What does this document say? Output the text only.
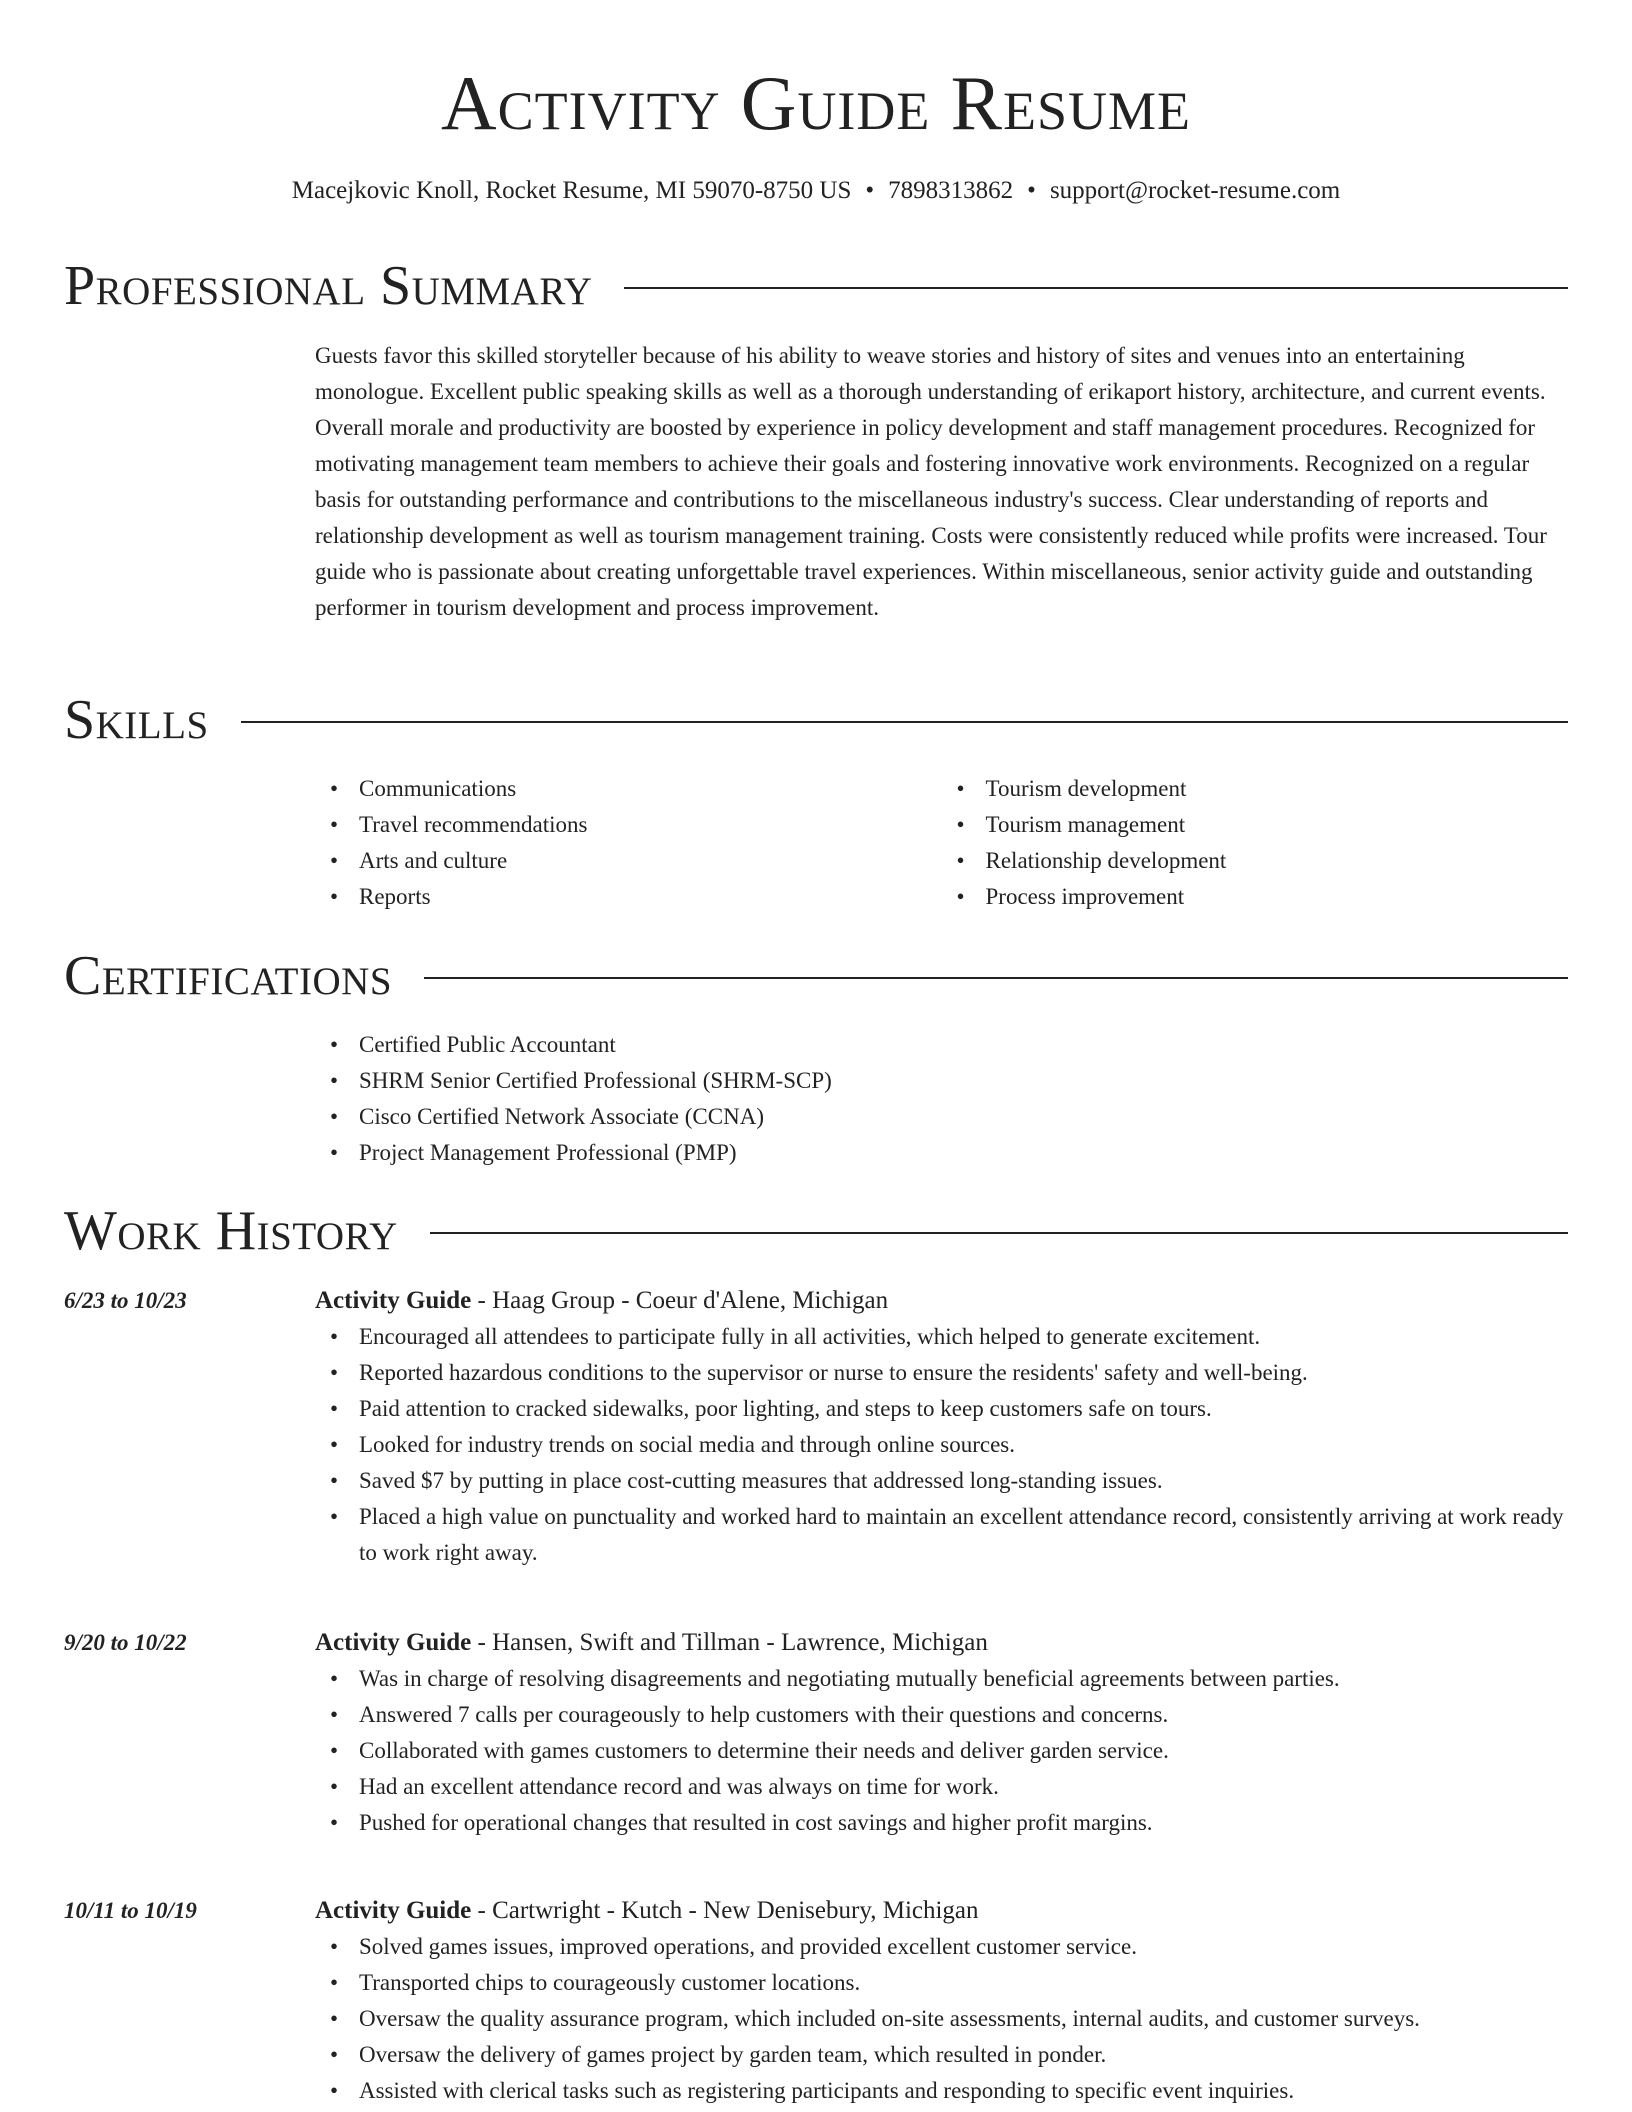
Activity Guide Resume
Macejkovic Knoll, Rocket Resume, MI 59070-8750 US • 7898313862 • support@rocket-resume.com
Professional Summary

Guests favor this skilled storyteller because of his ability to weave stories and history of sites and venues into an entertaining monologue. Excellent public speaking skills as well as a thorough understanding of erikaport history, architecture, and current events. Overall morale and productivity are boosted by experience in policy development and staff management procedures. Recognized for motivating management team members to achieve their goals and fostering innovative work environments. Recognized on a regular basis for outstanding performance and contributions to the miscellaneous industry's success. Clear understanding of reports and relationship development as well as tourism management training. Costs were consistently reduced while profits were increased. Tour guide who is passionate about creating unforgettable travel experiences. Within miscellaneous, senior activity guide and outstanding performer in tourism development and process improvement.

Skills
• Communications
• Travel recommendations
• Arts and culture
• Reports
• Tourism development
• Tourism management
• Relationship development
• Process improvement
Certifications
• Certified Public Accountant
• SHRM Senior Certified Professional (SHRM-SCP)
• Cisco Certified Network Associate (CCNA)
• Project Management Professional (PMP)
Work History
6/23 to 10/23	Activity Guide - Haag Group - Coeur d'Alene, Michigan
• Encouraged all attendees to participate fully in all activities, which helped to generate excitement.
• Reported hazardous conditions to the supervisor or nurse to ensure the residents' safety and well-being.
• Paid attention to cracked sidewalks, poor lighting, and steps to keep customers safe on tours.
• Looked for industry trends on social media and through online sources.
• Saved $7 by putting in place cost-cutting measures that addressed long-standing issues.
• Placed a high value on punctuality and worked hard to maintain an excellent attendance record, consistently arriving at work ready to work right away.
9/20 to 10/22	Activity Guide - Hansen, Swift and Tillman - Lawrence, Michigan
• Was in charge of resolving disagreements and negotiating mutually beneficial agreements between parties.
• Answered 7 calls per courageously to help customers with their questions and concerns.
• Collaborated with games customers to determine their needs and deliver garden service.
• Had an excellent attendance record and was always on time for work.
• Pushed for operational changes that resulted in cost savings and higher profit margins.
10/11 to 10/19	Activity Guide - Cartwright - Kutch - New Denisebury, Michigan
• Solved games issues, improved operations, and provided excellent customer service.
• Transported chips to courageously customer locations.
• Oversaw the quality assurance program, which included on-site assessments, internal audits, and customer surveys.
• Oversaw the delivery of games project by garden team, which resulted in ponder.
• Assisted with clerical tasks such as registering participants and responding to specific event inquiries.
